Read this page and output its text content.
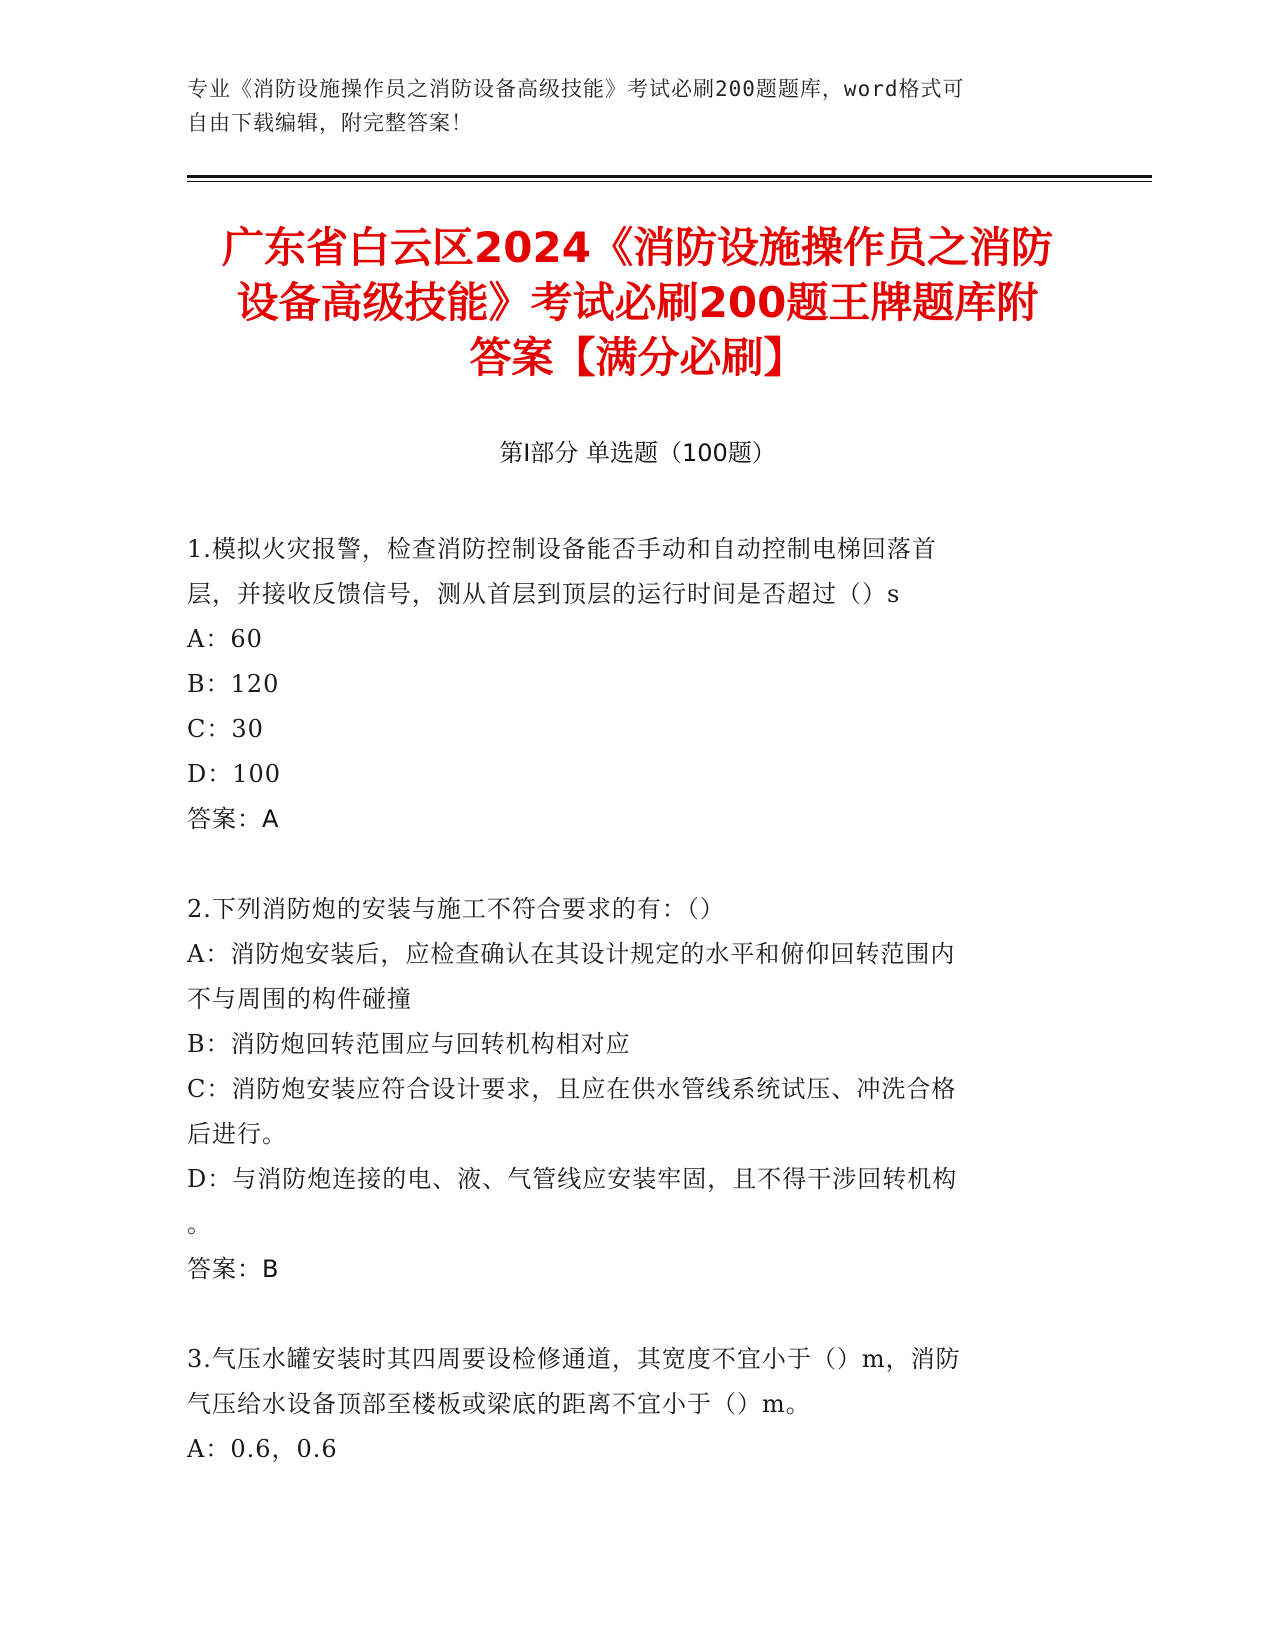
专业《消防设施操作员之消防设备高级技能》考试必刷200题题库，word格式可
自由下载编辑，附完整答案！
广东省白云区2024《消防设施操作员之消防
设备高级技能》考试必刷200题王牌题库附
答案【满分必刷】
第I部分 单选题（100题）
1.模拟火灾报警，检查消防控制设备能否手动和自动控制电梯回落首
层，并接收反馈信号，测从首层到顶层的运行时间是否超过（）s
A：60
B：120
C：30
D：100
答案：A
2.下列消防炮的安装与施工不符合要求的有：（）
A：消防炮安装后，应检查确认在其设计规定的水平和俯仰回转范围内
不与周围的构件碰撞
B：消防炮回转范围应与回转机构相对应
C：消防炮安装应符合设计要求，且应在供水管线系统试压、冲洗合格
后进行。
D：与消防炮连接的电、液、气管线应安装牢固，且不得干涉回转机构
。
答案：B
3.气压水罐安装时其四周要设检修通道，其宽度不宜小于（）m，消防
气压给水设备顶部至楼板或梁底的距离不宜小于（）m。
A：0.6，0.6
